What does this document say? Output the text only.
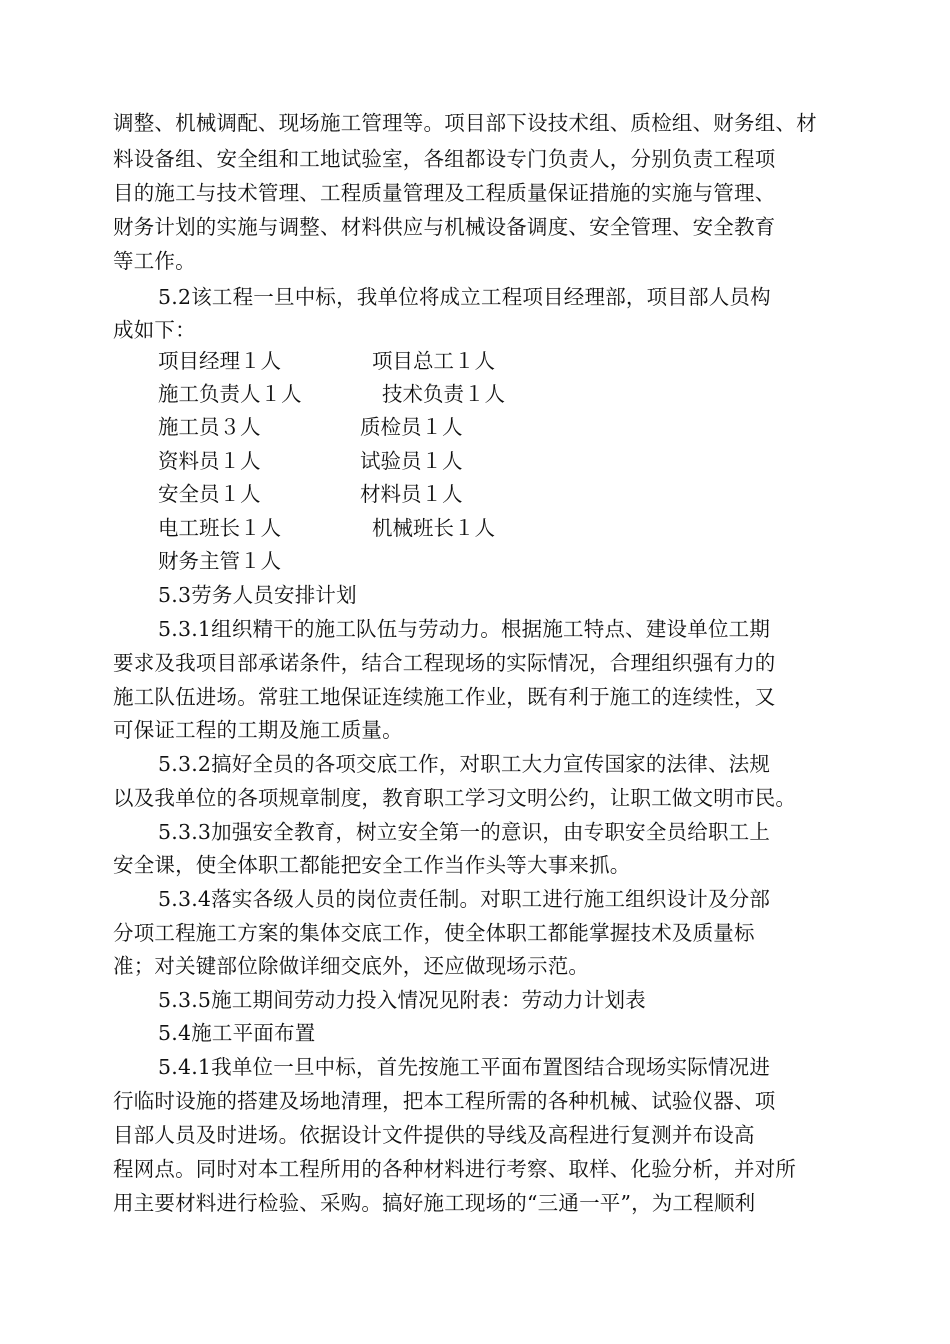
调整、机械调配、现场施工管理等。项目部下设技术组、质检组、财务组、材
料设备组、安全组和工地试验室，各组都设专门负责人，分别负责工程项
目的施工与技术管理、工程质量管理及工程质量保证措施的实施与管理、
财务计划的实施与调整、材料供应与机械设备调度、安全管理、安全教育
等工作。
5.2该工程一旦中标，我单位将成立工程项目经理部，项目部人员构
成如下：
项目经理１人	项目总工１人
施工负责人１人	技术负责１人
施工员３人	质检员１人
资料员１人	试验员１人
安全员１人	材料员１人
电工班长１人	机械班长１人
财务主管１人
5.3劳务人员安排计划
5.3.1组织精干的施工队伍与劳动力。根据施工特点、建设单位工期
要求及我项目部承诺条件，结合工程现场的实际情况，合理组织强有力的
施工队伍进场。常驻工地保证连续施工作业，既有利于施工的连续性，又
可保证工程的工期及施工质量。
5.3.2搞好全员的各项交底工作，对职工大力宣传国家的法律、法规
以及我单位的各项规章制度，教育职工学习文明公约，让职工做文明市民。
5.3.3加强安全教育，树立安全第一的意识，由专职安全员给职工上
安全课，使全体职工都能把安全工作当作头等大事来抓。
5.3.4落实各级人员的岗位责任制。对职工进行施工组织设计及分部
分项工程施工方案的集体交底工作，使全体职工都能掌握技术及质量标
准；对关键部位除做详细交底外，还应做现场示范。
5.3.5施工期间劳动力投入情况见附表：劳动力计划表
5.4施工平面布置
5.4.1我单位一旦中标，首先按施工平面布置图结合现场实际情况进
行临时设施的搭建及场地清理，把本工程所需的各种机械、试验仪器、项
目部人员及时进场。依据设计文件提供的导线及高程进行复测并布设高
程网点。同时对本工程所用的各种材料进行考察、取样、化验分析，并对所
用主要材料进行检验、采购。搞好施工现场的“三通一平”，为工程顺利
